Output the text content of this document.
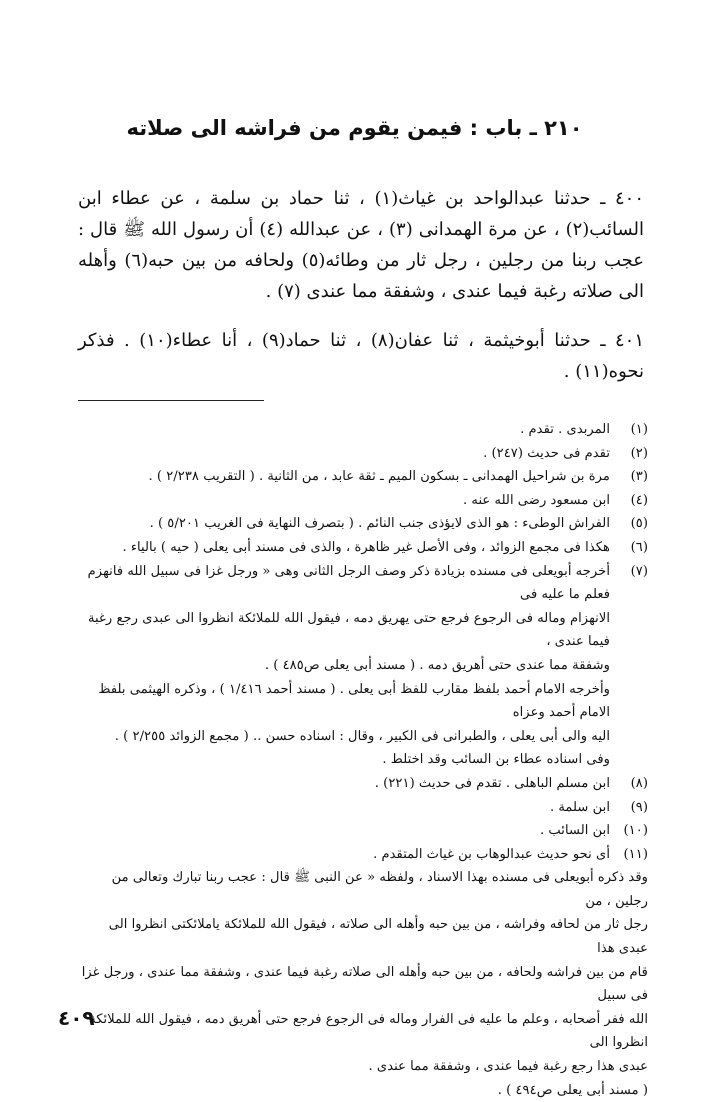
٢١٠ ـ باب : فيمن يقوم من فراشه الى صلاته

٤٠٠ ـ حدثنا عبدالواحد بن غياث(١) ، ثنا حماد بن سلمة ، عن عطاء ابن السائب(٢) ، عن مرة الهمدانى (٣) ، عن عبدالله (٤) أن رسول الله ﷺ قال : عجب ربنا من رجلين ، رجل ثار من وطائه(٥) ولحافه من بين حبه(٦) وأهله الى صلاته رغبة فيما عندى ، وشفقة مما عندى (٧) .

٤٠١ ـ حدثنا أبوخيثمة ، ثنا عفان(٨) ، ثنا حماد(٩) ، أنا عطاء(١٠) . فذكر نحوه(١١) .

(١)
المربدى . تقدم .
(٢)
تقدم فى حديث (٢٤٧) .
(٣)
مرة بن شراحيل الهمدانى ـ بسكون الميم ـ ثقة عابد ، من الثانية . ( التقريب ٢/٢٣٨ ) .
(٤)
ابن مسعود رضى الله عنه .
(٥)
الفراش الوطىء : هو الذى لايؤذى جنب النائم . ( بتصرف النهاية فى الغريب ٥/٢٠١ ) .
(٦)
هكذا فى مجمع الزوائد ، وفى الأصل غير ظاهرة ، والذى فى مسند أبى يعلى ( حيه ) بالياء .
(٧)
أخرجه أبويعلى فى مسنده بزيادة ذكر وصف الرجل الثانى وهى « ورجل غزا فى سبيل الله فانهزم فعلم ما عليه فى
الانهزام وماله فى الرجوع فرجع حتى يهريق دمه ، فيقول الله للملائكة انظروا الى عبدى رجع رغبة فيما عندى ،
وشفقة مما عندى حتى أهريق دمه . ( مسند أبى يعلى ص٤٨٥ ) .
وأخرجه الامام أحمد بلفظ مقارب للفظ أبى يعلى . ( مسند أحمد ١/٤١٦ ) ، وذكره الهيثمى بلفظ الامام أحمد وعزاه
اليه والى أبى يعلى ، والطبرانى فى الكبير ، وقال : اسناده حسن .. ( مجمع الزوائد ٢/٢٥٥ ) .
وفى اسناده عطاء بن السائب وقد اختلط .
(٨)
ابن مسلم الباهلى . تقدم فى حديث (٢٢١) .
(٩)
ابن سلمة .
(١٠)
ابن السائب .
(١١)
أى نحو حديث عبدالوهاب بن غياث المتقدم .
وقد ذكره أبويعلى فى مسنده بهذا الاسناد ، ولفظه « عن النبى ﷺ قال : عجب ربنا تبارك وتعالى من رجلين ، من
رجل ثار من لحافه وفراشه ، من بين حبه وأهله الى صلاته ، فيقول الله للملائكة ياملائكتى انظروا الى عبدى هذا
قام من بين فراشه ولحافه ، من بين حبه وأهله الى صلاته رغبة فيما عندى ، وشفقة مما عندى ، ورجل غزا فى سبيل
الله ففر أصحابه ، وعلم ما عليه فى الفرار وماله فى الرجوع فرجع حتى أهريق دمه ، فيقول الله للملائكة انظروا الى
عبدى هذا رجع رغبة فيما عندى ، وشفقة مما عندى .
( مسند أبى يعلى ص٤٩٤ ) .
٤٠٩
